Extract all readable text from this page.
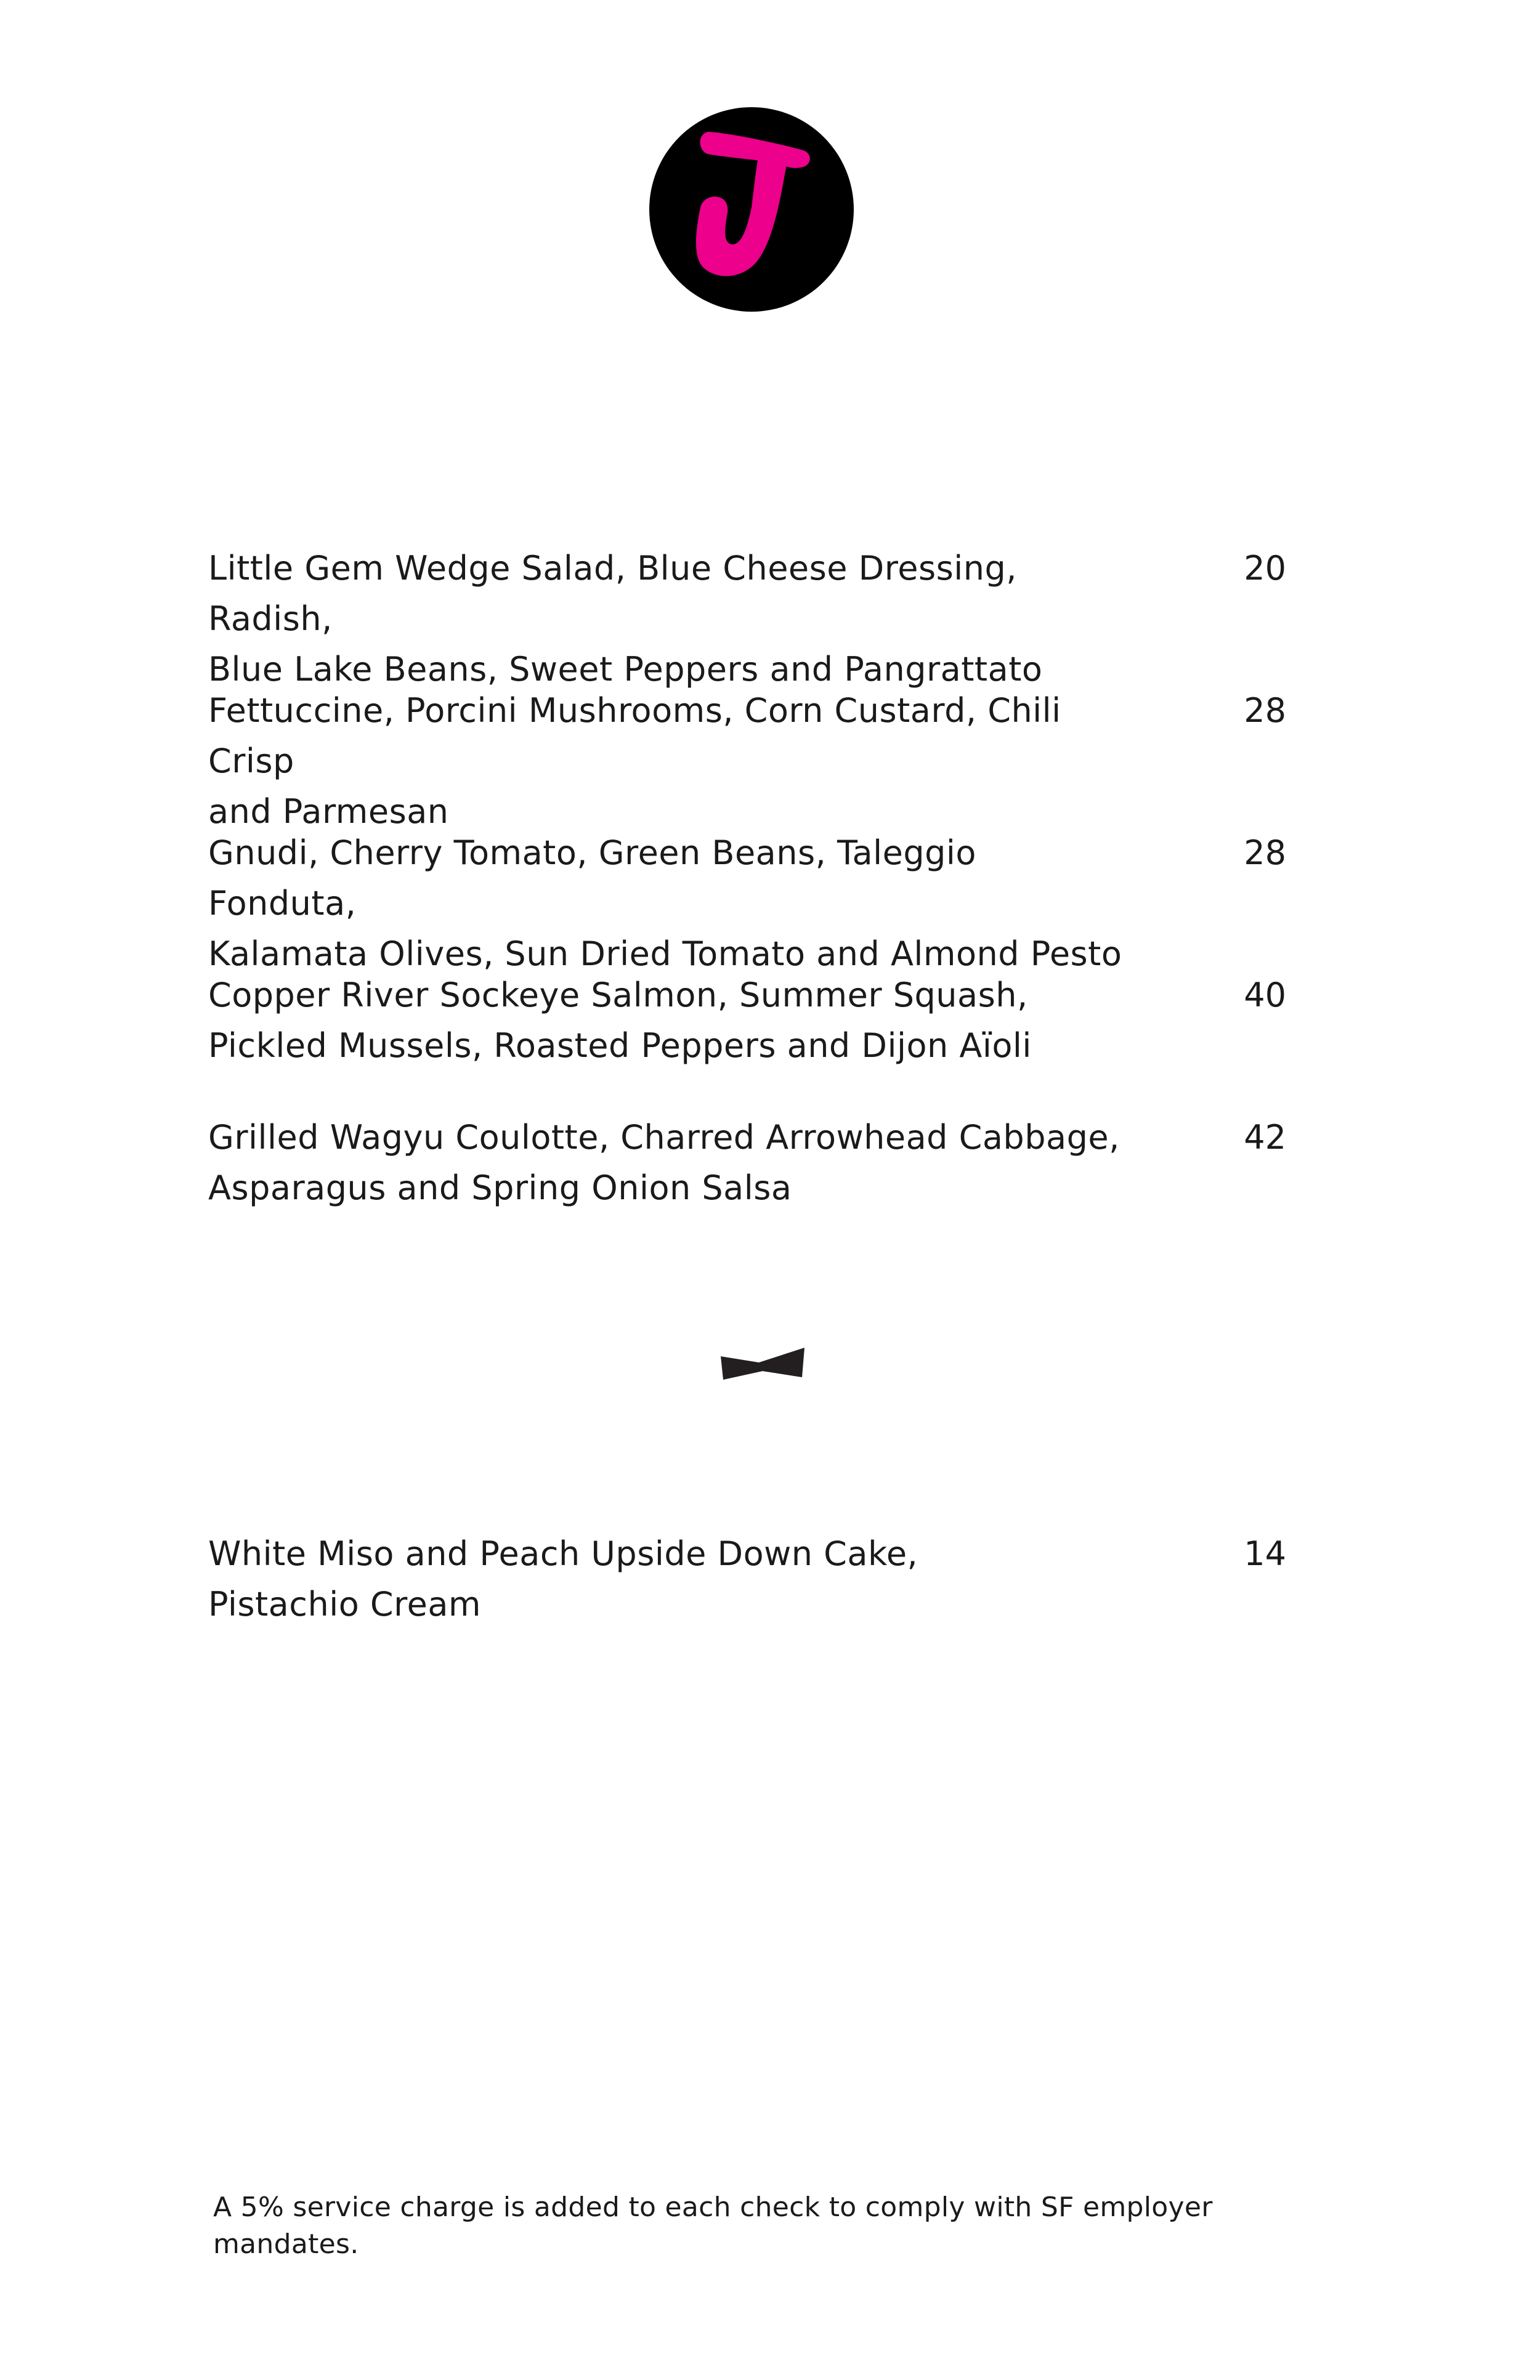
Little Gem Wedge Salad, Blue Cheese Dressing, Radish,
Blue Lake Beans, Sweet Peppers and Pangrattato
20
Fettuccine, Porcini Mushrooms, Corn Custard, Chili Crisp
and Parmesan
28
Gnudi, Cherry Tomato, Green Beans, Taleggio Fonduta,
Kalamata Olives, Sun Dried Tomato and Almond Pesto
28
Copper River Sockeye Salmon, Summer Squash,
Pickled Mussels, Roasted Peppers and Dijon Aïoli
40
Grilled Wagyu Coulotte, Charred Arrowhead Cabbage,
Asparagus and Spring Onion Salsa
42
White Miso and Peach Upside Down Cake,
Pistachio Cream
14
A 5% service charge is added to each check to comply with SF employer mandates.
